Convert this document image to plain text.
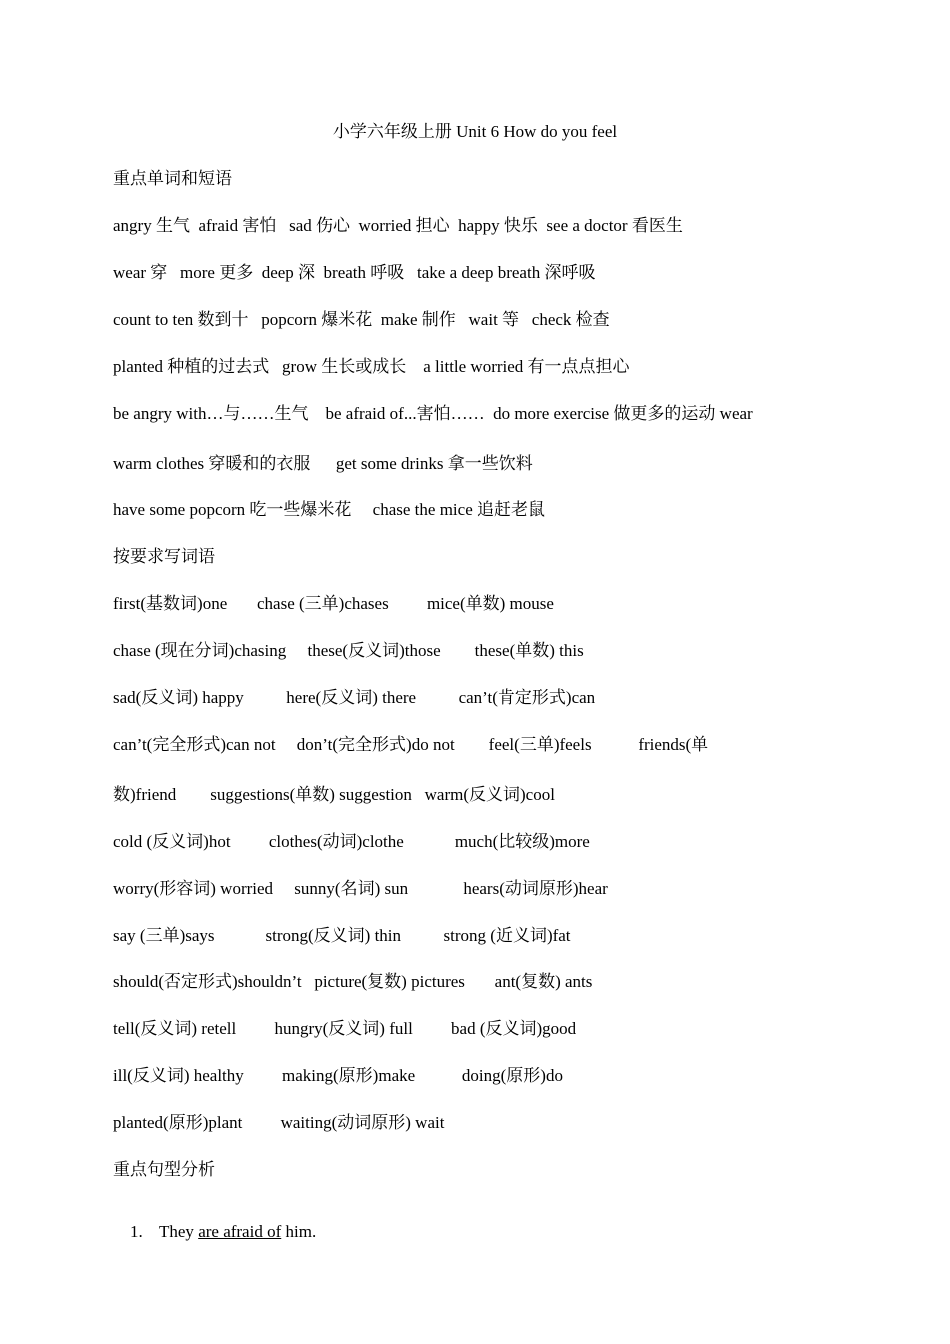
小学六年级上册 Unit 6 How do you feel
重点单词和短语
angry 生气  afraid 害怕   sad 伤心  worried 担心  happy 快乐  see a doctor 看医生
wear 穿   more 更多  deep 深  breath 呼吸   take a deep breath 深呼吸
count to ten 数到十   popcorn 爆米花  make 制作   wait 等   check 检查
planted 种植的过去式   grow 生长或成长    a little worried 有一点点担心
be angry with…与……生气    be afraid of...害怕……  do more exercise 做更多的运动 wear
warm clothes 穿暖和的衣服      get some drinks 拿一些饮料
have some popcorn 吃一些爆米花     chase the mice 追赶老鼠
按要求写词语
first(基数词)one       chase (三单)chases         mice(单数) mouse
chase (现在分词)chasing     these(反义词)those        these(单数) this
sad(反义词) happy          here(反义词) there          can’t(肯定形式)can
can’t(完全形式)can not     don’t(完全形式)do not        feel(三单)feels           friends(单
数)friend        suggestions(单数) suggestion   warm(反义词)cool
cold (反义词)hot         clothes(动词)clothe            much(比较级)more
worry(形容词) worried     sunny(名词) sun             hears(动词原形)hear
say (三单)says            strong(反义词) thin          strong (近义词)fat
should(否定形式)shouldn’t   picture(复数) pictures       ant(复数) ants
tell(反义词) retell         hungry(反义词) full         bad (反义词)good
ill(反义词) healthy         making(原形)make           doing(原形)do
planted(原形)plant         waiting(动词原形) wait
重点句型分析

1. They are afraid of him.
